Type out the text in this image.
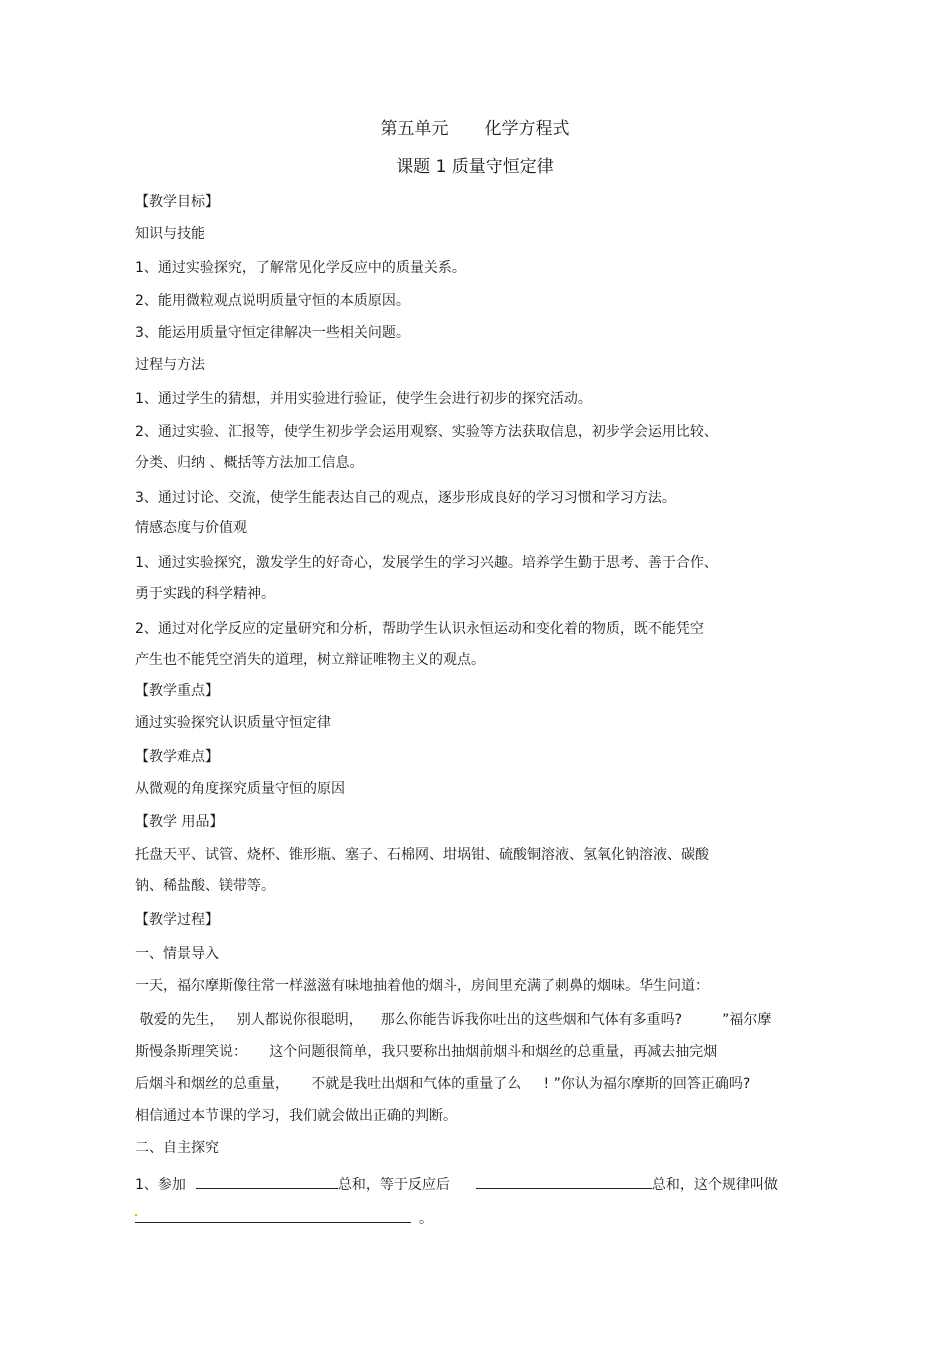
第五单元 化学方程式
课题 1 质量守恒定律
【教学目标】
知识与技能
1、通过实验探究，了解常见化学反应中的质量关系。
2、能用微粒观点说明质量守恒的本质原因。
3、能运用质量守恒定律解决一些相关问题。
过程与方法
1、通过学生的猜想，并用实验进行验证，使学生会进行初步的探究活动。
2、通过实验、汇报等，使学生初步学会运用观察、实验等方法获取信息，初步学会运用比较、
分类、归纳 、概括等方法加工信息。
3、通过讨论、交流，使学生能表达自己的观点，逐步形成良好的学习习惯和学习方法。
情感态度与价值观
1、通过实验探究，激发学生的好奇心，发展学生的学习兴趣。培养学生勤于思考、善于合作、
勇于实践的科学精神。
2、通过对化学反应的定量研究和分析，帮助学生认识永恒运动和变化着的物质，既不能凭空
产生也不能凭空消失的道理，树立辩证唯物主义的观点。
【教学重点】
通过实验探究认识质量守恒定律
【教学难点】
从微观的角度探究质量守恒的原因
【教学 用品】
托盘天平、试管、烧杯、锥形瓶、塞子、石棉网、坩埚钳、硫酸铜溶液、氢氧化钠溶液、碳酸
钠、稀盐酸、镁带等。
【教学过程】
一、情景导入
一天，福尔摩斯像往常一样滋滋有味地抽着他的烟斗，房间里充满了刺鼻的烟味。华生问道：
敬爱的先生，   别人都说你很聪明，    那么你能告诉我你吐出的这些烟和气体有多重吗?         ”福尔摩
斯慢条斯理笑说：     这个问题很简单，我只要称出抽烟前烟斗和烟丝的总重量，再减去抽完烟
后烟斗和烟丝的总重量，     不就是我吐出烟和气体的重量了么     ! ”你认为福尔摩斯的回答正确吗?
相信通过本节课的学习，我们就会做出正确的判断。
二、自主探究
1、参加	总和，等于反应后	总和，这个规律叫做
。
